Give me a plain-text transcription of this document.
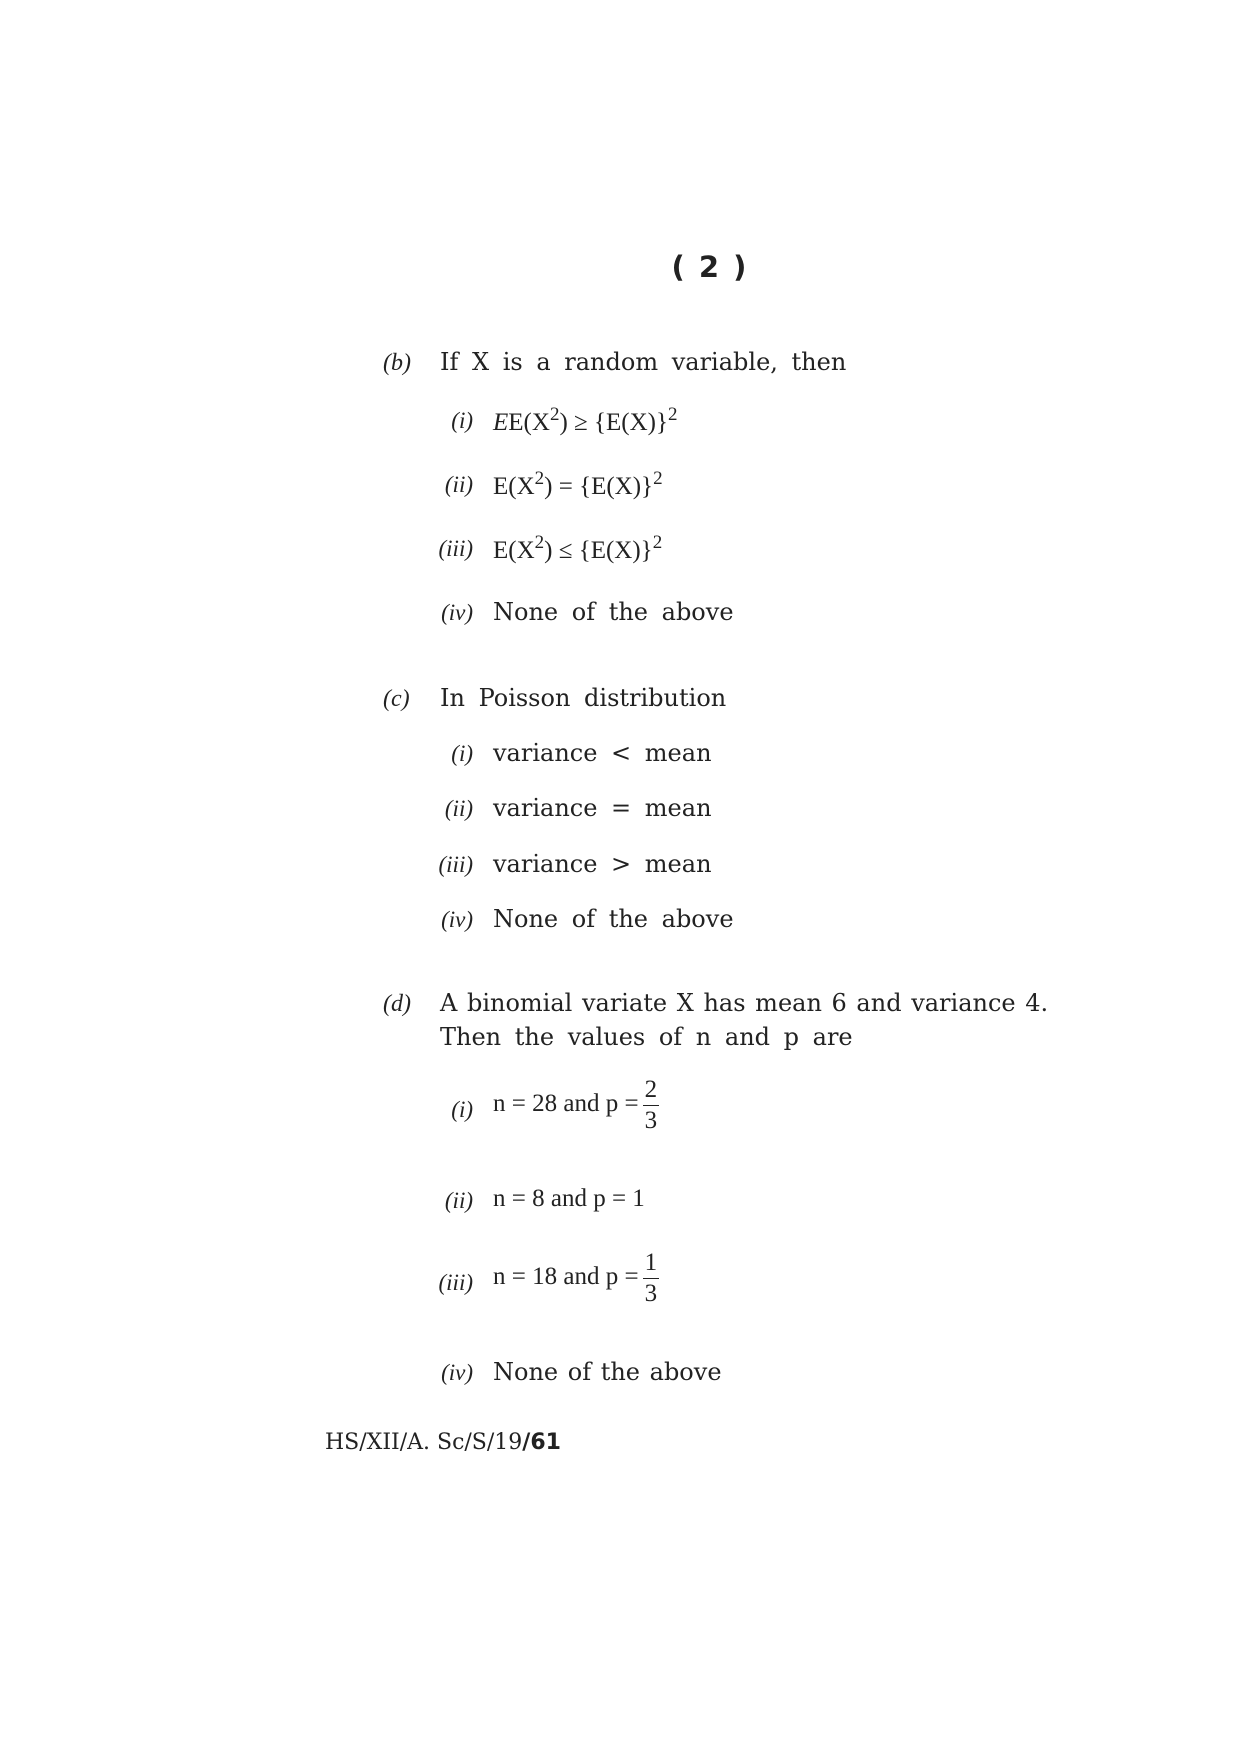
( 2 )
(b) If X is a random variable, then
(i) $EE(X^2) \ge \{E(X)\}^2$
(ii) $E(X^2) = \{E(X)\}^2$
(iii) $E(X^2) \le \{E(X)\}^2$
(iv) None of the above
(c) In Poisson distribution
(i) variance < mean
(ii) variance = mean
(iii) variance > mean
(iv) None of the above
(d) A binomial variate X has mean 6 and variance 4.
Then the values of n and p are
(i) n = 28 and $p = \frac{2}{3}$
(ii) n = 8 and p = 1
(iii) n = 18 and $p = \frac{1}{3}$
(iv) None of the above
HS/XII/A. Sc/S/19/61
